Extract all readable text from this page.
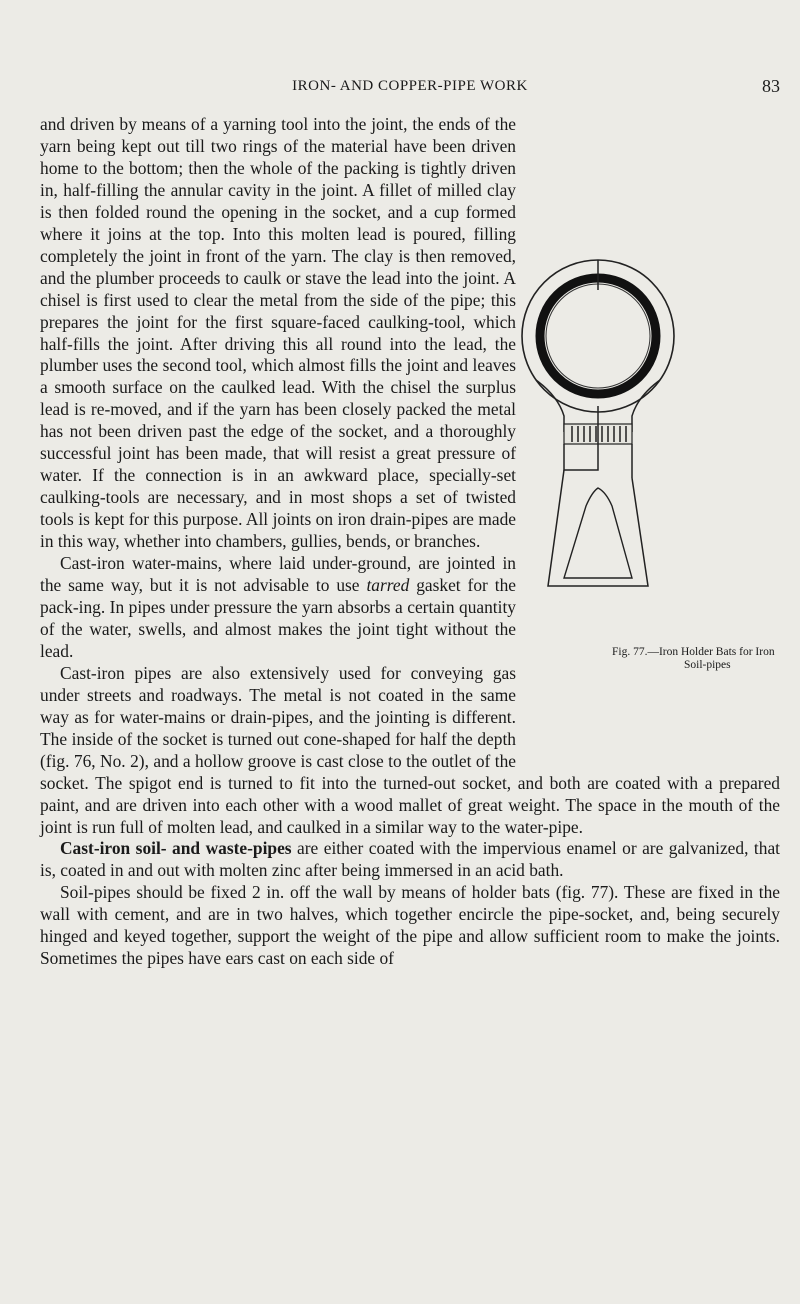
IRON- AND COPPER-PIPE WORK	83

and driven by means of a yarning tool into the joint, the ends of the yarn being kept out till two rings of the material have been driven home to the bottom; then the whole of the packing is tightly driven in, half-filling the annular cavity in the joint. A fillet of milled clay is then folded round the opening in the socket, and a cup formed where it joins at the top. Into this molten lead is poured, filling completely the joint in front of the yarn. The clay is then removed, and the plumber proceeds to caulk or stave the lead into the joint. A chisel is first used to clear the metal from the side of the pipe; this prepares the joint for the first square-faced caulking-tool, which half-fills the joint. After driving this all round into the lead, the plumber uses the second tool, which almost fills the joint and leaves a smooth surface on the caulked lead. With the chisel the surplus lead is re-moved, and if the yarn has been closely packed the metal has not been driven past the edge of the socket, and a thoroughly successful joint has been made, that will resist a great pressure of water. If the connection is in an awkward place, specially-set caulking-tools are necessary, and in most shops a set of twisted tools is kept for this purpose. All joints on iron drain-pipes are made in this way, whether into chambers, gullies, bends, or branches.

Cast-iron water-mains, where laid under-ground, are jointed in the same way, but it is not advisable to use tarred gasket for the pack-ing. In pipes under pressure the yarn absorbs a certain quantity of the water, swells, and almost makes the joint tight without the lead.

Cast-iron pipes are also extensively used for conveying gas under streets and roadways. The metal is not coated in the same way as for water-mains or drain-pipes, and the jointing is different. The inside of the socket is turned out cone-shaped for half the depth (fig. 76, No. 2), and a hollow groove is cast close to the outlet of the socket. The spigot end is turned to fit into the turned-out socket, and both are coated with a prepared paint, and are driven into each other with a wood mallet of great weight. The space in the mouth of the joint is run full of molten lead, and caulked in a similar way to the water-pipe.

Cast-iron soil- and waste-pipes are either coated with the impervious enamel or are galvanized, that is, coated in and out with molten zinc after being immersed in an acid bath.

Soil-pipes should be fixed 2 in. off the wall by means of holder bats (fig. 77). These are fixed in the wall with cement, and are in two halves, which together encircle the pipe-socket, and, being securely hinged and keyed together, support the weight of the pipe and allow sufficient room to make the joints. Sometimes the pipes have ears cast on each side of

Fig. 77.—Iron Holder Bats for Iron
Soil-pipes
